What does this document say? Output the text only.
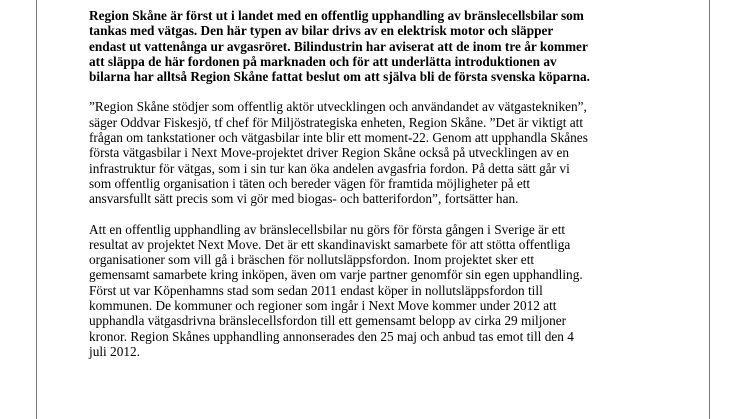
Region Skåne är först ut i landet med en offentlig upphandling av bränslecellsbilar som
tankas med vätgas. Den här typen av bilar drivs av en elektrisk motor och släpper
endast ut vattenånga ur avgasröret. Bilindustrin har aviserat att de inom tre år kommer
att släppa de här fordonen på marknaden och för att underlätta introduktionen av
bilarna har alltså Region Skåne fattat beslut om att själva bli de första svenska köparna.

”Region Skåne stödjer som offentlig aktör utvecklingen och användandet av vätgastekniken”,
säger Oddvar Fiskesjö, tf chef för Miljöstrategiska enheten, Region Skåne. ”Det är viktigt att
frågan om tankstationer och vätgasbilar inte blir ett moment-22. Genom att upphandla Skånes
första vätgasbilar i Next Move-projektet driver Region Skåne också på utvecklingen av en
infrastruktur för vätgas, som i sin tur kan öka andelen avgasfria fordon. På detta sätt går vi
som offentlig organisation i täten och bereder vägen för framtida möjligheter på ett
ansvarsfullt sätt precis som vi gör med biogas- och batterifordon”, fortsätter han.

Att en offentlig upphandling av bränslecellsbilar nu görs för första gången i Sverige är ett
resultat av projektet Next Move. Det är ett skandinaviskt samarbete för att stötta offentliga
organisationer som vill gå i bräschen för nollutsläppsfordon. Inom projektet sker ett
gemensamt samarbete kring inköpen, även om varje partner genomför sin egen upphandling.
Först ut var Köpenhamns stad som sedan 2011 endast köper in nollutsläppsfordon till
kommunen. De kommuner och regioner som ingår i Next Move kommer under 2012 att
upphandla vätgasdrivna bränslecellsfordon till ett gemensamt belopp av cirka 29 miljoner
kronor. Region Skånes upphandling annonserades den 25 maj och anbud tas emot till den 4
juli 2012.
